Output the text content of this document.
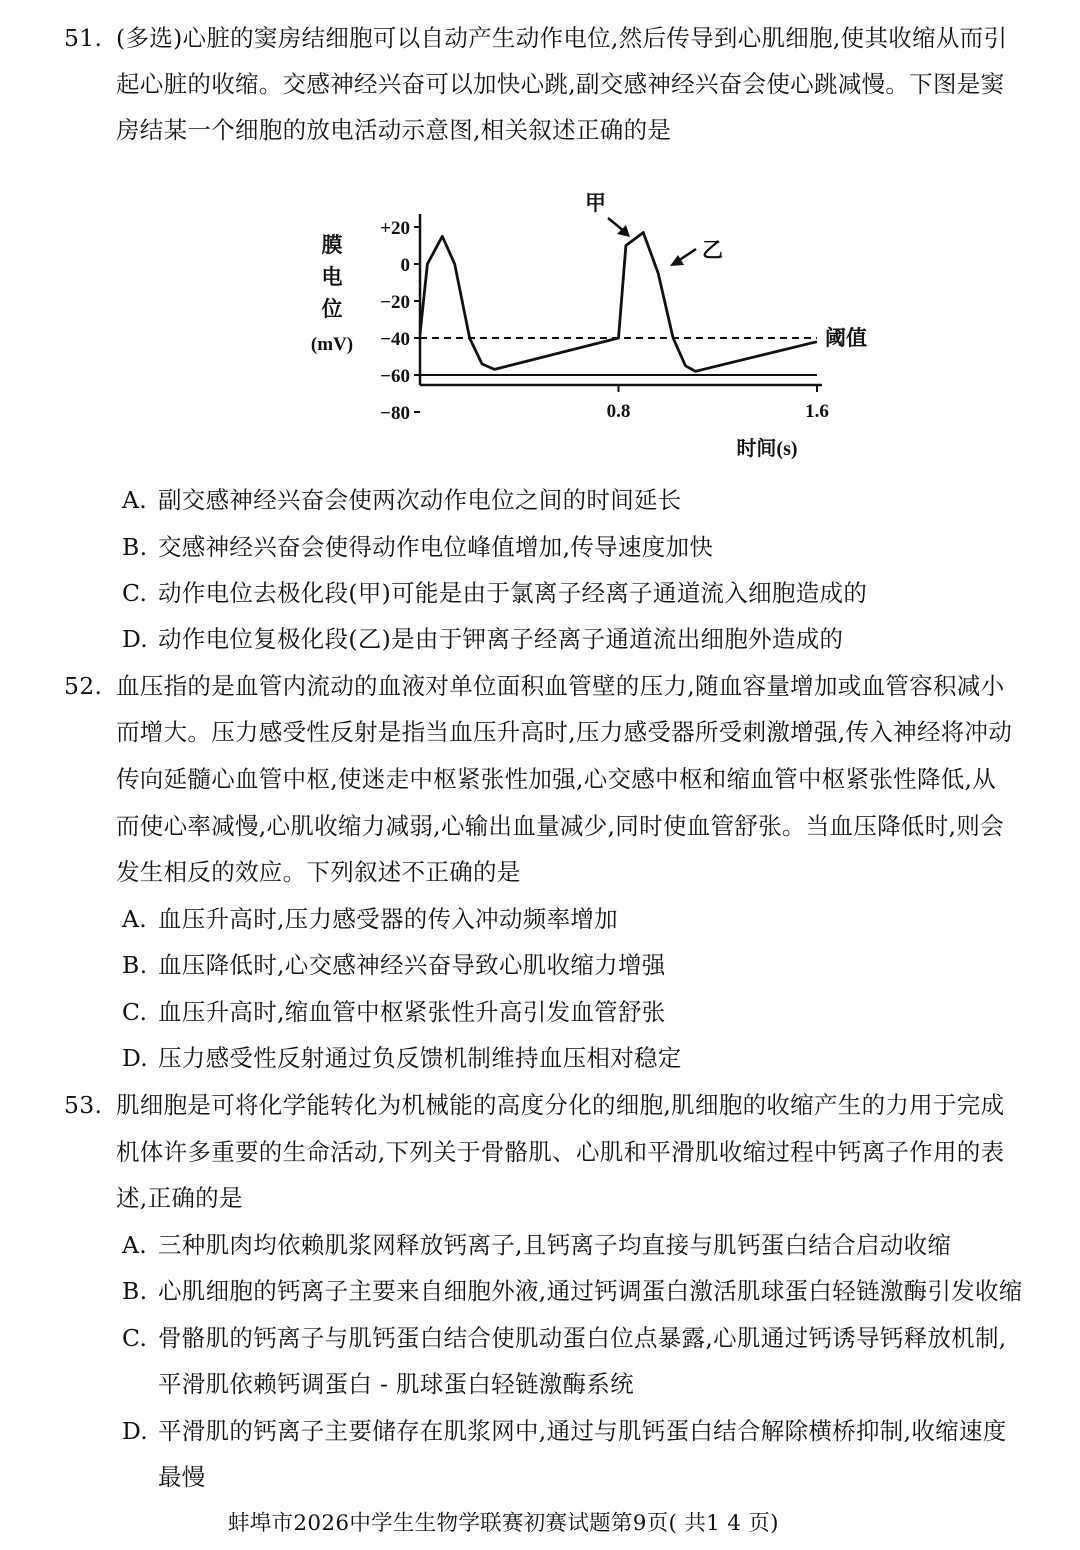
51. (多选)心脏的窦房结细胞可以自动产生动作电位,然后传导到心肌细胞,使其收缩从而引
起心脏的收缩。交感神经兴奋可以加快心跳,副交感神经兴奋会使心跳减慢。下图是窦
房结某一个细胞的放电活动示意图,相关叙述正确的是
A. 副交感神经兴奋会使两次动作电位之间的时间延长
B. 交感神经兴奋会使得动作电位峰值增加,传导速度加快
C. 动作电位去极化段(甲)可能是由于氯离子经离子通道流入细胞造成的
D. 动作电位复极化段(乙)是由于钾离子经离子通道流出细胞外造成的
52. 血压指的是血管内流动的血液对单位面积血管壁的压力,随血容量增加或血管容积减小
而增大。压力感受性反射是指当血压升高时,压力感受器所受刺激增强,传入神经将冲动
传向延髓心血管中枢,使迷走中枢紧张性加强,心交感中枢和缩血管中枢紧张性降低,从
而使心率减慢,心肌收缩力减弱,心输出血量减少,同时使血管舒张。当血压降低时,则会
发生相反的效应。下列叙述不正确的是
A. 血压升高时,压力感受器的传入冲动频率增加
B. 血压降低时,心交感神经兴奋导致心肌收缩力增强
C. 血压升高时,缩血管中枢紧张性升高引发血管舒张
D. 压力感受性反射通过负反馈机制维持血压相对稳定
53. 肌细胞是可将化学能转化为机械能的高度分化的细胞,肌细胞的收缩产生的力用于完成
机体许多重要的生命活动,下列关于骨骼肌、心肌和平滑肌收缩过程中钙离子作用的表
述,正确的是
A. 三种肌肉均依赖肌浆网释放钙离子,且钙离子均直接与肌钙蛋白结合启动收缩
B. 心肌细胞的钙离子主要来自细胞外液,通过钙调蛋白激活肌球蛋白轻链激酶引发收缩
C. 骨骼肌的钙离子与肌钙蛋白结合使肌动蛋白位点暴露,心肌通过钙诱导钙释放机制,
平滑肌依赖钙调蛋白 - 肌球蛋白轻链激酶系统
D. 平滑肌的钙离子主要储存在肌浆网中,通过与肌钙蛋白结合解除横桥抑制,收缩速度
最慢
+20
0
−20
−40
−60
−80	0.8	1.6
阈值
膜
电
位
(mV)
时间(s)
甲
乙
蚌埠市2026中学生生物学联赛初赛试题第9页( 共1 4 页)
